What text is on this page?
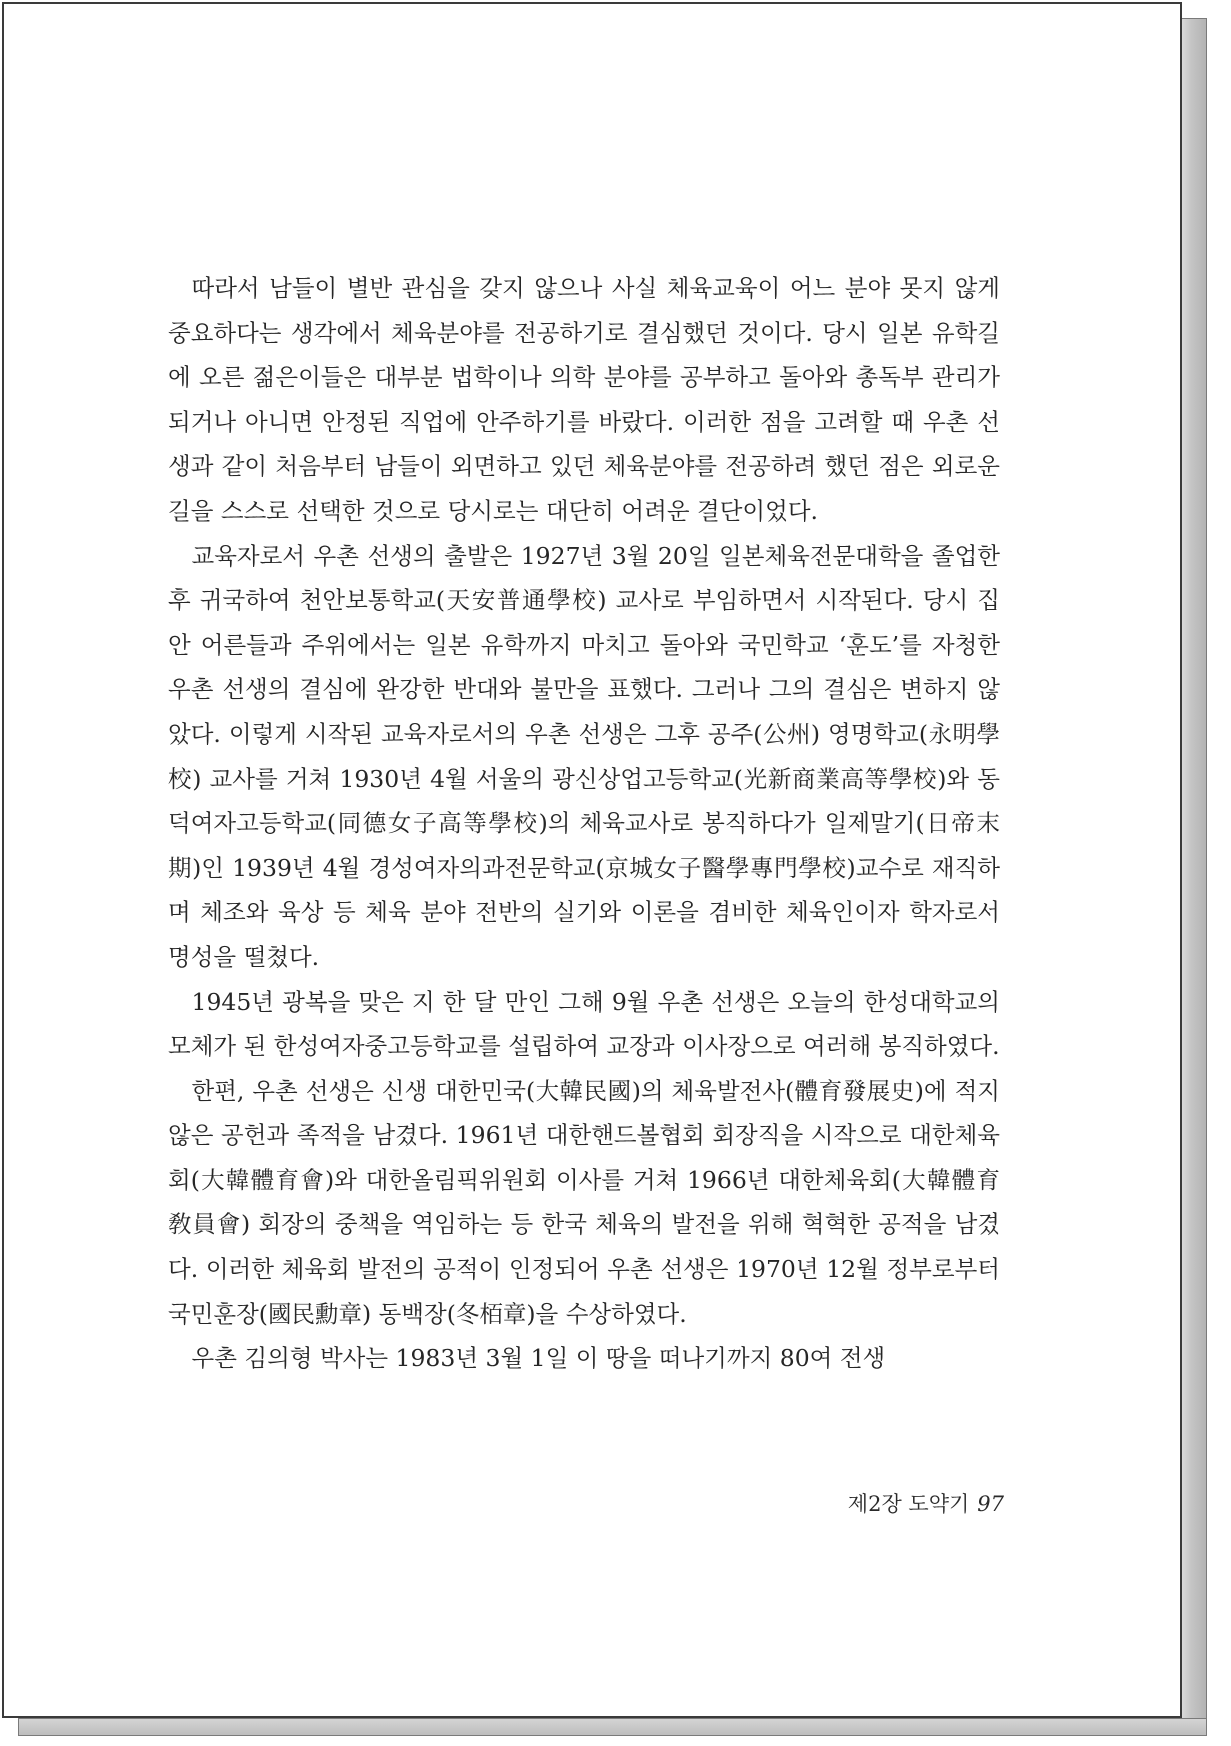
따라서 남들이 별반 관심을 갖지 않으나 사실 체육교육이 어느 분야 못지 않게 중요하다는 생각에서 체육분야를 전공하기로 결심했던 것이다. 당시 일본 유학길에 오른 젊은이들은 대부분 법학이나 의학 분야를 공부하고 돌아와 총독부 관리가 되거나 아니면 안정된 직업에 안주하기를 바랐다. 이러한 점을 고려할 때 우촌 선생과 같이 처음부터 남들이 외면하고 있던 체육분야를 전공하려 했던 점은 외로운 길을 스스로 선택한 것으로 당시로는 대단히 어려운 결단이었다.

교육자로서 우촌 선생의 출발은 1927년 3월 20일 일본체육전문대학을 졸업한 후 귀국하여 천안보통학교(天安普通學校) 교사로 부임하면서 시작된다. 당시 집안 어른들과 주위에서는 일본 유학까지 마치고 돌아와 국민학교 ‘훈도’를 자청한 우촌 선생의 결심에 완강한 반대와 불만을 표했다. 그러나 그의 결심은 변하지 않았다. 이렇게 시작된 교육자로서의 우촌 선생은 그후 공주(公州) 영명학교(永明學校) 교사를 거쳐 1930년 4월 서울의 광신상업고등학교(光新商業高等學校)와 동덕여자고등학교(同德女子高等學校)의 체육교사로 봉직하다가 일제말기(日帝末期)인 1939년 4월 경성여자의과전문학교(京城女子醫學專門學校)교수로 재직하며 체조와 육상 등 체육 분야 전반의 실기와 이론을 겸비한 체육인이자 학자로서 명성을 떨쳤다.

1945년 광복을 맞은 지 한 달 만인 그해 9월 우촌 선생은 오늘의 한성대학교의 모체가 된 한성여자중고등학교를 설립하여 교장과 이사장으로 여러해 봉직하였다.

한편, 우촌 선생은 신생 대한민국(大韓民國)의 체육발전사(體育發展史)에 적지 않은 공헌과 족적을 남겼다. 1961년 대한핸드볼협회 회장직을 시작으로 대한체육회(大韓體育會)와 대한올림픽위원회 이사를 거쳐 1966년 대한체육회(大韓體育敎員會) 회장의 중책을 역임하는 등 한국 체육의 발전을 위해 혁혁한 공적을 남겼다. 이러한 체육회 발전의 공적이 인정되어 우촌 선생은 1970년 12월 정부로부터 국민훈장(國民勳章) 동백장(冬栢章)을 수상하였다.

우촌 김의형 박사는 1983년 3월 1일 이 땅을 떠나기까지 80여 전생

제2장 도약기 97
